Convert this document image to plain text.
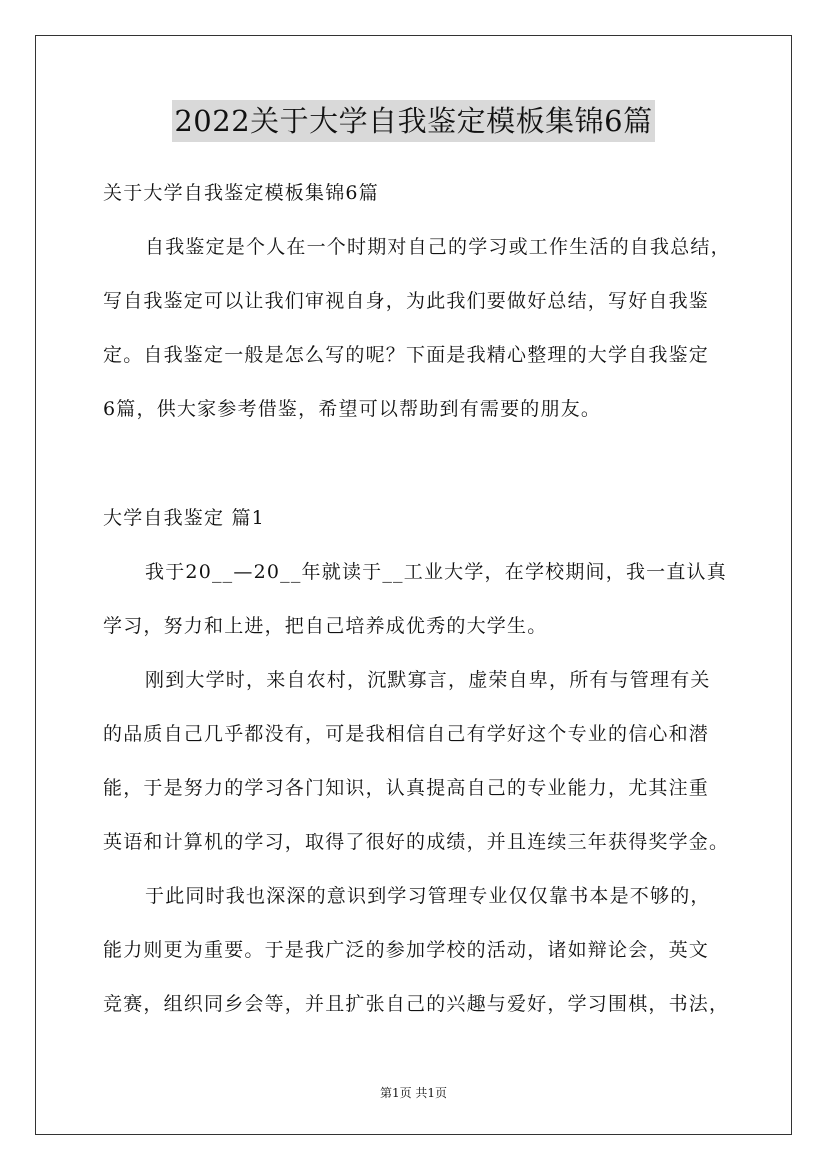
2022关于大学自我鉴定模板集锦6篇
关于大学自我鉴定模板集锦6篇
自我鉴定是个人在一个时期对自己的学习或工作生活的自我总结，
写自我鉴定可以让我们审视自身，为此我们要做好总结，写好自我鉴
定。自我鉴定一般是怎么写的呢？下面是我精心整理的大学自我鉴定
6篇，供大家参考借鉴，希望可以帮助到有需要的朋友。
大学自我鉴定 篇1
我于20__—20__年就读于__工业大学，在学校期间，我一直认真
学习，努力和上进，把自己培养成优秀的大学生。
刚到大学时，来自农村，沉默寡言，虚荣自卑，所有与管理有关
的品质自己几乎都没有，可是我相信自己有学好这个专业的信心和潜
能，于是努力的学习各门知识，认真提高自己的专业能力，尤其注重
英语和计算机的学习，取得了很好的成绩，并且连续三年获得奖学金。
于此同时我也深深的意识到学习管理专业仅仅靠书本是不够的，
能力则更为重要。于是我广泛的参加学校的活动，诸如辩论会，英文
竞赛，组织同乡会等，并且扩张自己的兴趣与爱好，学习围棋，书法，
第1页 共1页
